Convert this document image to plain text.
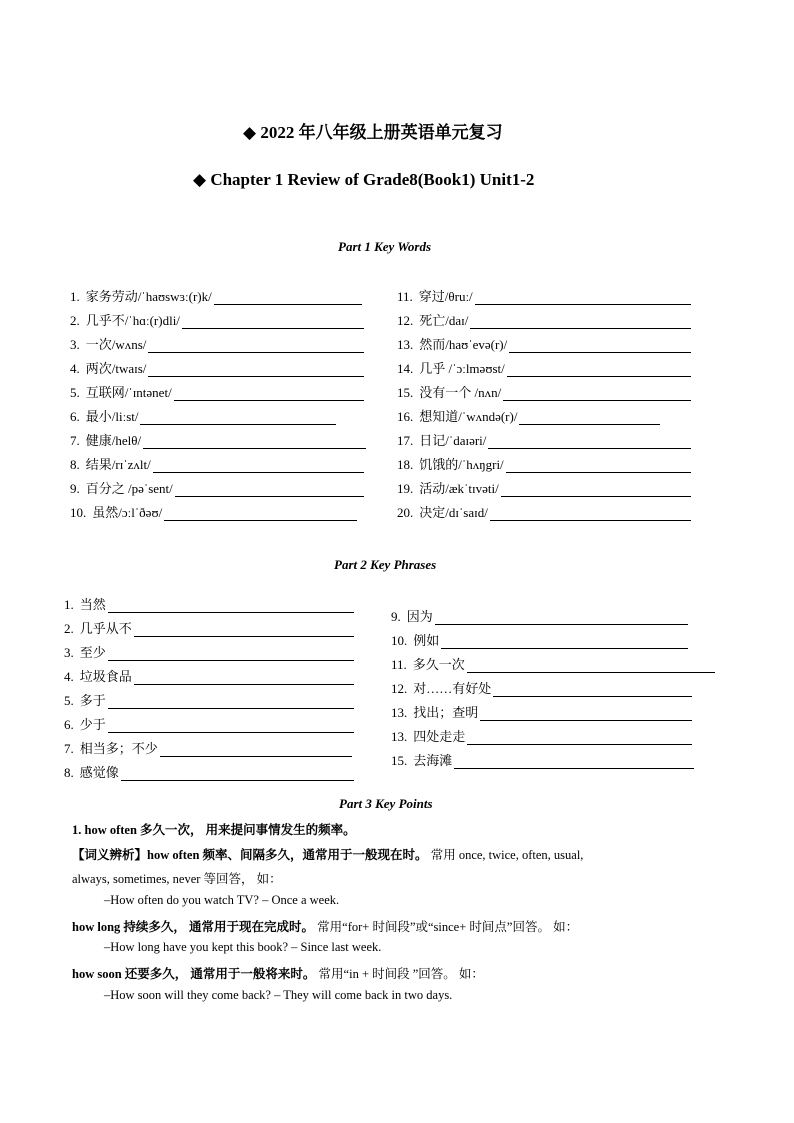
◆ 2022 年八年级上册英语单元复习
◆ Chapter 1 Review of Grade8(Book1) Unit1-2
Part 1 Key Words
1. 家务劳动/ˈhaʊswɜː(r)k/
2. 几乎不/ˈhɑː(r)dli/
3. 一次/wʌns/
4. 两次/twaɪs/
5. 互联网/ˈɪntənet/
6. 最小/liːst/
7. 健康/helθ/
8. 结果/rɪˈzʌlt/
9. 百分之 /pəˈsent/
10. 虽然/ɔːlˈðəʊ/
11. 穿过/θruː/
12. 死亡/daɪ/
13. 然而/haʊˈevə(r)/
14. 几乎 /ˈɔːlməʊst/
15. 没有一个 /nʌn/
16. 想知道/ˈwʌndə(r)/
17. 日记/ˈdaɪəri/
18. 饥饿的/ˈhʌŋgri/
19. 活动/ækˈtɪvəti/
20. 决定/dɪˈsaɪd/
Part 2 Key Phrases
1. 当然
2. 几乎从不
3. 至少
4. 垃圾食品
5. 多于
6. 少于
7. 相当多；不少
8. 感觉像
9. 因为
10. 例如
11. 多久一次
12. 对……有好处
13. 找出；查明
13. 四处走走
15. 去海滩
Part 3 Key Points
1. how often 多久一次， 用来提问事情发生的频率。
【词义辨析】how often 频率、间隔多久，通常用于一般现在时。 常用 once, twice, often, usual,
always, sometimes, never 等回答， 如：
–How often do you watch TV? – Once a week.
how long 持续多久， 通常用于现在完成时。 常用“for+ 时间段”或“since+ 时间点”回答。 如：
–How long have you kept this book? – Since last week.
how soon 还要多久， 通常用于一般将来时。 常用“in + 时间段 ”回答。 如：
–How soon will they come back? – They will come back in two days.
